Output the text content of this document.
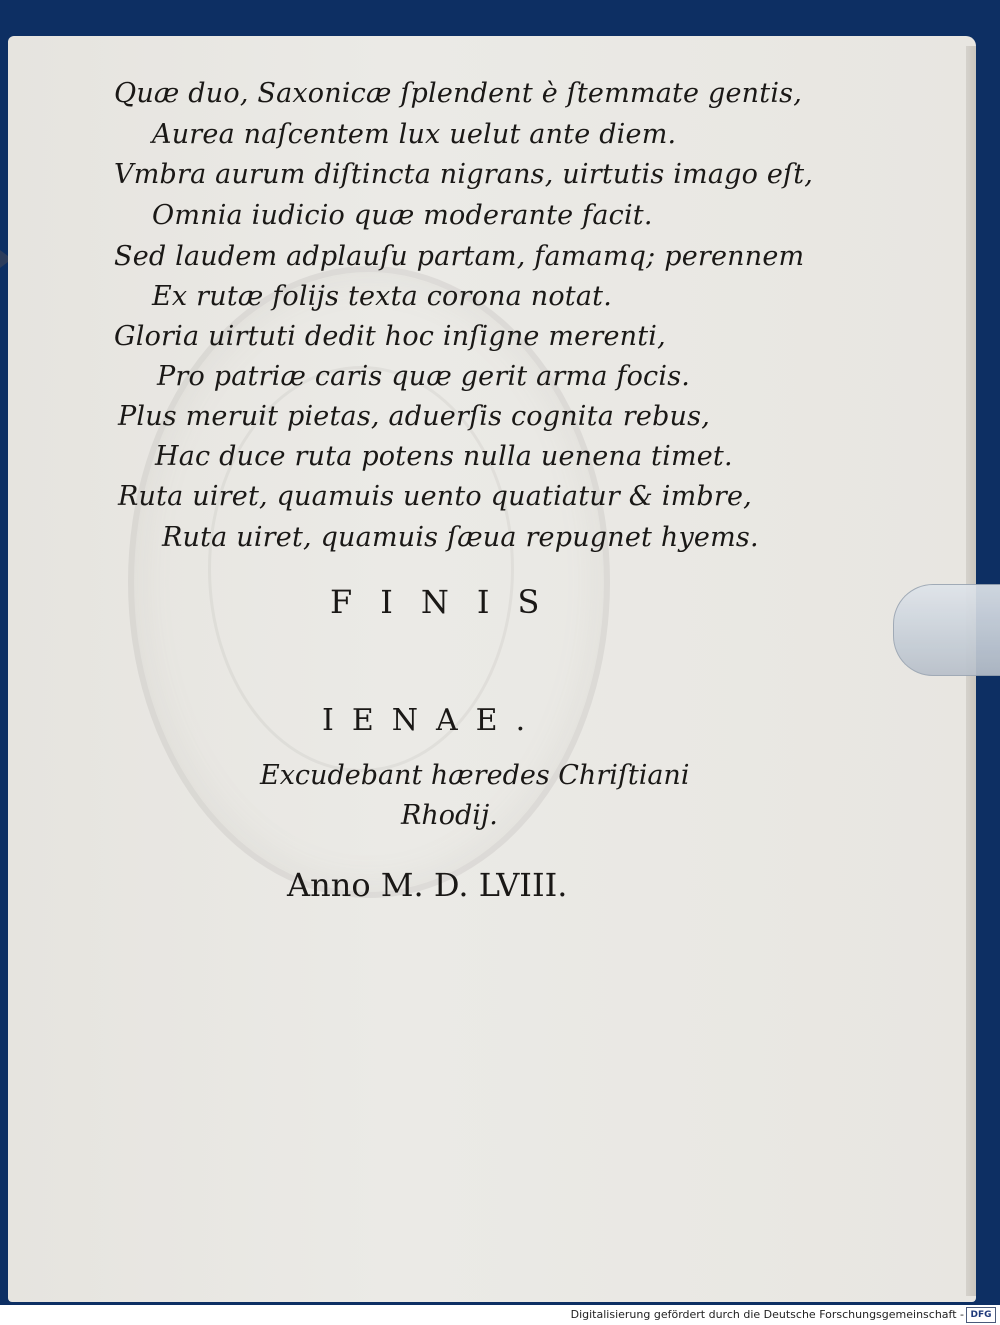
Quæ duo, Saxonicæ ſplendent è ſtemmate gentis,
Aurea naſcentem lux uelut ante diem.
Vmbra aurum diſtincta nigrans, uirtutis imago eſt,
Omnia iudicio quæ moderante facit.
Sed laudem adplauſu partam, famamq; perennem
Ex rutæ folijs texta corona notat.
Gloria uirtuti dedit hoc inſigne merenti,
Pro patriæ caris quæ gerit arma focis.
Plus meruit pietas, aduerſis cognita rebus,
Hac duce ruta potens nulla uenena timet.
Ruta uiret, quamuis uento quatiatur & imbre,
Ruta uiret, quamuis ſæua repugnet hyems.
FINIS
IENAE.
Excudebant hæredes Chriſtiani
Rhodij.
Anno M. D. LVIII.
Digitalisierung gefördert durch die Deutsche Forschungsgemeinschaft - DFG
